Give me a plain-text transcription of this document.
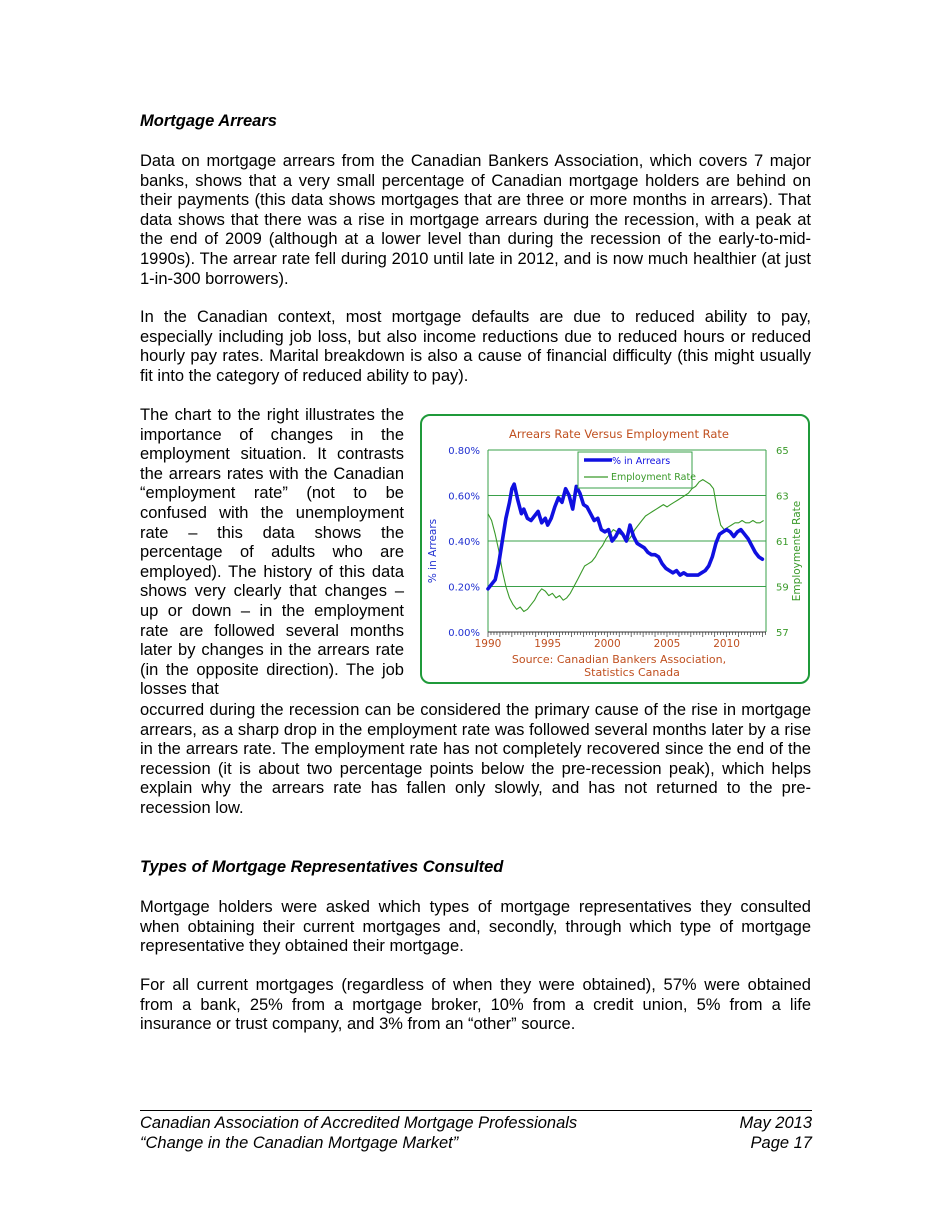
Mortgage Arrears

Data on mortgage arrears from the Canadian Bankers Association, which covers 7 major banks, shows that a very small percentage of Canadian mortgage holders are behind on their payments (this data shows mortgages that are three or more months in arrears). That data shows that there was a rise in mortgage arrears during the recession, with a peak at the end of 2009 (although at a lower level than during the recession of the early-to-mid-1990s). The arrear rate fell during 2010 until late in 2012, and is now much healthier (at just 1-in-300 borrowers).

In the Canadian context, most mortgage defaults are due to reduced ability to pay, especially including job loss, but also income reductions due to reduced hours or reduced hourly pay rates. Marital breakdown is also a cause of financial difficulty (this might usually fit into the category of reduced ability to pay).

The chart to the right illustrates the importance of changes in the employment situation. It contrasts the arrears rates with the Canadian “employment rate” (not to be confused with the unemployment rate – this data shows the percentage of adults who are employed). The history of this data shows very clearly that changes – up or down – in the employment rate are followed several months later by changes in the arrears rate (in the opposite direction). The job losses that

occurred during the recession can be considered the primary cause of the rise in mortgage arrears, as a sharp drop in the employment rate was followed several months later by a rise in the arrears rate. The employment rate has not completely recovered since the end of the recession (it is about two percentage points below the pre-recession peak), which helps explain why the arrears rate has fallen only slowly, and has not returned to the pre-recession low.

Types of Mortgage Representatives Consulted

Mortgage holders were asked which types of mortgage representatives they consulted when obtaining their current mortgages and, secondly, through which type of mortgage representative they obtained their mortgage.

For all current mortgages (regardless of when they were obtained), 57% were obtained from a bank, 25% from a mortgage broker, 10% from a credit union, 5% from a life insurance or trust company, and 3% from an “other” source.

Arrears Rate Versus Employment Rate
0.00%
0.20%
0.40%
0.60%
0.80%
57
59
61
63
65
1990	1995	2000	2005	2010
% in Arrears
Employment Rate
% in Arrears	Employmente Rate
Source: Canadian Bankers Association,
Statistics Canada
Canadian Association of Accredited Mortgage Professionals	May 2013
“Change in the Canadian Mortgage Market”	Page 17
